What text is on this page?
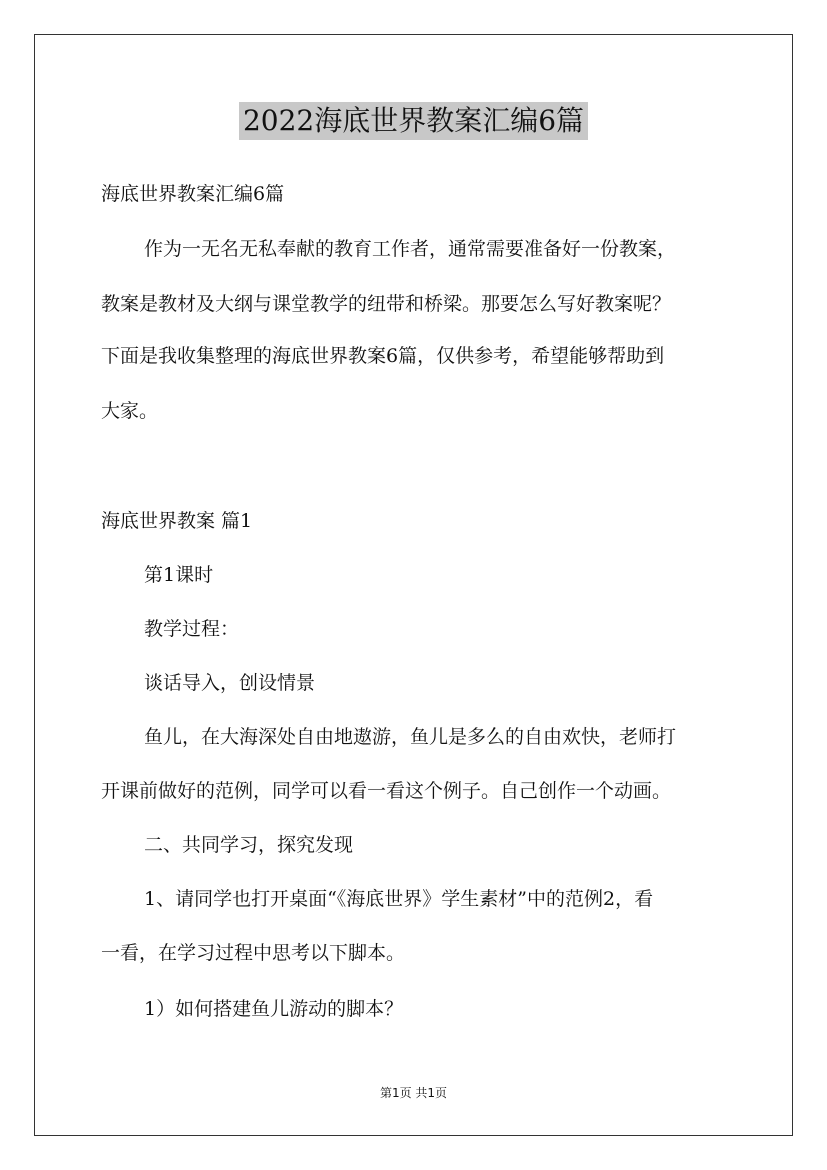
2022海底世界教案汇编6篇
海底世界教案汇编6篇
作为一无名无私奉献的教育工作者，通常需要准备好一份教案，
教案是教材及大纲与课堂教学的纽带和桥梁。那要怎么写好教案呢？
下面是我收集整理的海底世界教案6篇，仅供参考，希望能够帮助到
大家。
海底世界教案 篇1
第1课时
教学过程：
谈话导入，创设情景
鱼儿，在大海深处自由地遨游，鱼儿是多么的自由欢快，老师打
开课前做好的范例，同学可以看一看这个例子。自己创作一个动画。
二、共同学习，探究发现
1、请同学也打开桌面“《海底世界》学生素材”中的范例2，看
一看，在学习过程中思考以下脚本。
1）如何搭建鱼儿游动的脚本？
第1页 共1页
